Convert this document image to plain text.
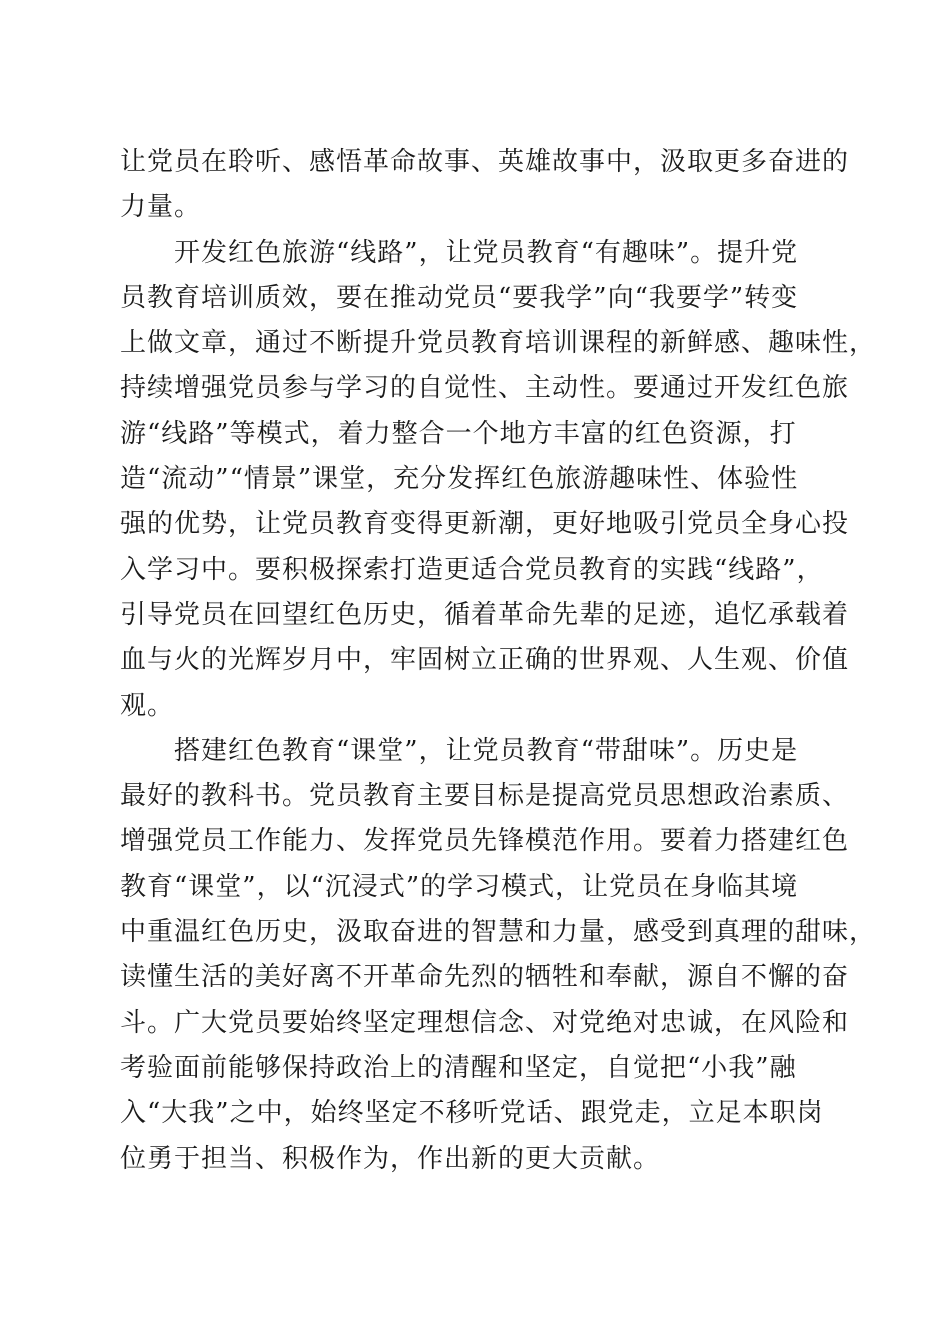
让党员在聆听、感悟革命故事、英雄故事中，汲取更多奋进的
力量。
开发红色旅游“线路”，让党员教育“有趣味”。提升党
员教育培训质效，要在推动党员“要我学”向“我要学”转变
上做文章，通过不断提升党员教育培训课程的新鲜感、趣味性，
持续增强党员参与学习的自觉性、主动性。要通过开发红色旅
游“线路”等模式，着力整合一个地方丰富的红色资源，打
造“流动”“情景”课堂，充分发挥红色旅游趣味性、体验性
强的优势，让党员教育变得更新潮，更好地吸引党员全身心投
入学习中。要积极探索打造更适合党员教育的实践“线路”，
引导党员在回望红色历史，循着革命先辈的足迹，追忆承载着
血与火的光辉岁月中，牢固树立正确的世界观、人生观、价值
观。
搭建红色教育“课堂”，让党员教育“带甜味”。历史是
最好的教科书。党员教育主要目标是提高党员思想政治素质、
增强党员工作能力、发挥党员先锋模范作用。要着力搭建红色
教育“课堂”，以“沉浸式”的学习模式，让党员在身临其境
中重温红色历史，汲取奋进的智慧和力量，感受到真理的甜味，
读懂生活的美好离不开革命先烈的牺牲和奉献，源自不懈的奋
斗。广大党员要始终坚定理想信念、对党绝对忠诚，在风险和
考验面前能够保持政治上的清醒和坚定，自觉把“小我”融
入“大我”之中，始终坚定不移听党话、跟党走，立足本职岗
位勇于担当、积极作为，作出新的更大贡献。
